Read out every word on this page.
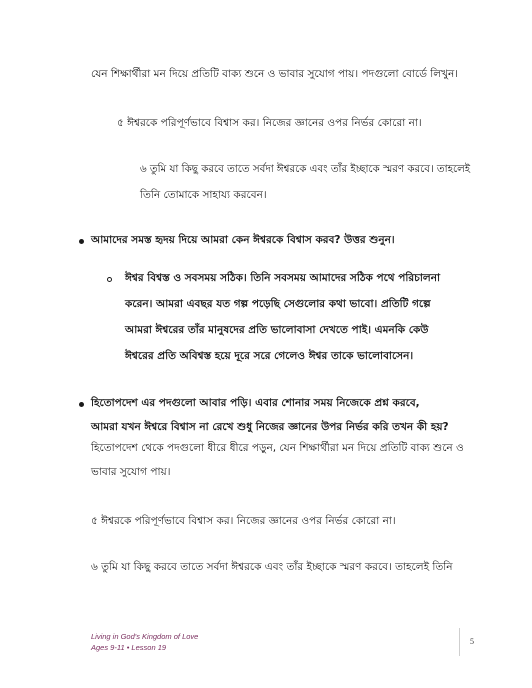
যেন শিক্ষার্থীরা মন দিয়ে প্রতিটি বাক্য শুনে ও ভাবার সুযোগ পায়। পদগুলো বোর্ডে লিখুন।

৫ ঈশ্বরকে পরিপূর্ণভাবে বিশ্বাস কর। নিজের জ্ঞানের ওপর নির্ভর কোরো না।

৬ তুমি যা কিছু করবে তাতে সর্বদা ঈশ্বরকে এবং তাঁর ইচ্ছাকে স্মরণ করবে। তাহলেই

তিনি তোমাকে সাহায্য করবেন।

আমাদের সমস্ত হৃদয় দিয়ে আমরা কেন ঈশ্বরকে বিশ্বাস করব? উত্তর শুনুন।

ঈশ্বর বিশ্বস্ত ও সবসময় সঠিক। তিনি সবসময় আমাদের সঠিক পথে পরিচালনা

করেন। আমরা এবছর যত গল্প পড়েছি সেগুলোর কথা ভাবো। প্রতিটি গল্পে

আমরা ঈশ্বরের তাঁর মানুষদের প্রতি ভালোবাসা দেখতে পাই। এমনকি কেউ

ঈশ্বরের প্রতি অবিশ্বস্ত হয়ে দূরে সরে গেলেও ঈশ্বর তাকে ভালোবাসেন।

হিতোপদেশ এর পদগুলো আবার পড়ি। এবার শোনার সময় নিজেকে প্রশ্ন করবে,

আমরা যখন ঈশ্বরে বিশ্বাস না রেখে শুধু নিজের জ্ঞানের উপর নির্ভর করি তখন কী হয়?

হিতোপদেশ থেকে পদগুলো ধীরে ধীরে পড়ুন, যেন শিক্ষার্থীরা মন দিয়ে প্রতিটি বাক্য শুনে ও

ভাবার সুযোগ পায়।

৫ ঈশ্বরকে পরিপূর্ণভাবে বিশ্বাস কর। নিজের জ্ঞানের ওপর নির্ভর কোরো না।

৬ তুমি যা কিছু করবে তাতে সর্বদা ঈশ্বরকে এবং তাঁর ইচ্ছাকে স্মরণ করবে। তাহলেই তিনি

Living in God's Kingdom of Love

Ages 9-11 • Lesson 19

5
